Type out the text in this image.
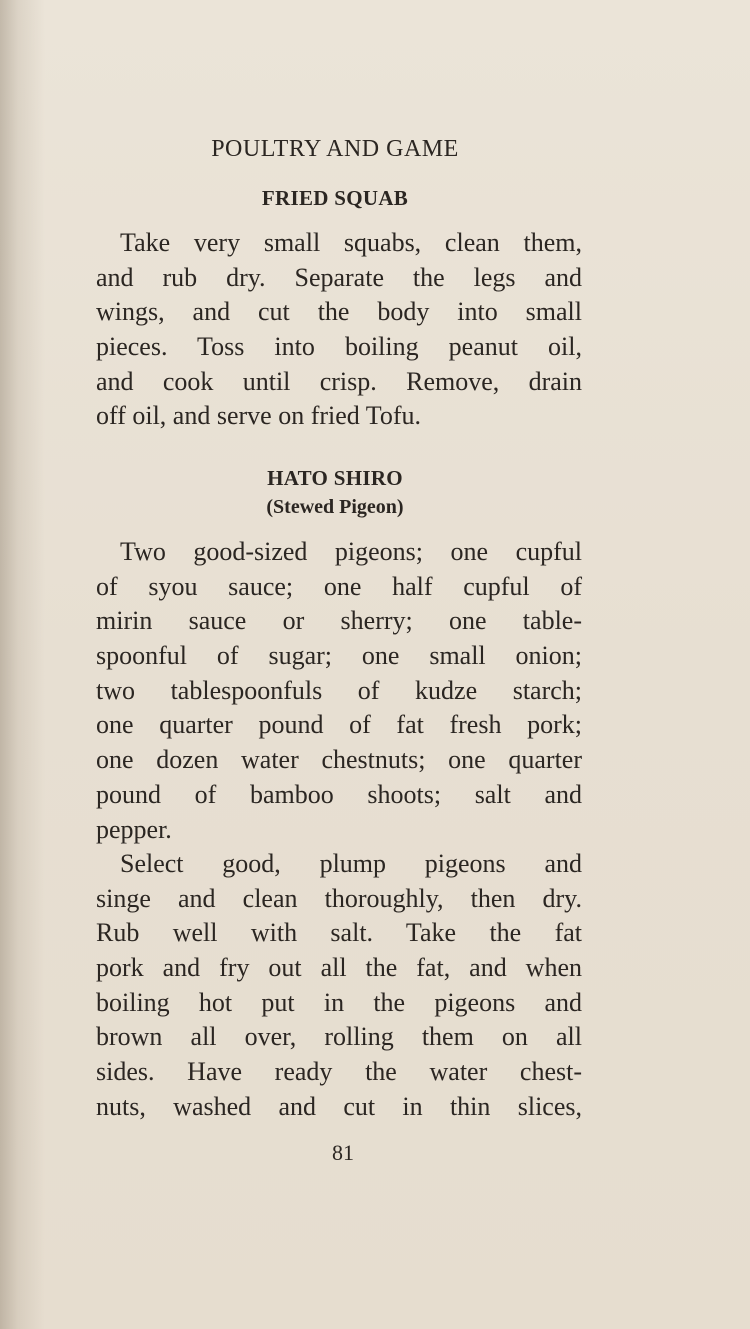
POULTRY AND GAME
FRIED SQUAB
Take very small squabs, clean them,
and rub dry. Separate the legs and
wings, and cut the body into small
pieces. Toss into boiling peanut oil,
and cook until crisp. Remove, drain
off oil, and serve on fried Tofu.
HATO SHIRO
(Stewed Pigeon)
Two good-sized pigeons; one cupful
of syou sauce; one half cupful of
mirin sauce or sherry; one table-
spoonful of sugar; one small onion;
two tablespoonfuls of kudze starch;
one quarter pound of fat fresh pork;
one dozen water chestnuts; one quarter
pound of bamboo shoots; salt and
pepper.
Select good, plump pigeons and
singe and clean thoroughly, then dry.
Rub well with salt. Take the fat
pork and fry out all the fat, and when
boiling hot put in the pigeons and
brown all over, rolling them on all
sides. Have ready the water chest-
nuts, washed and cut in thin slices,
81
